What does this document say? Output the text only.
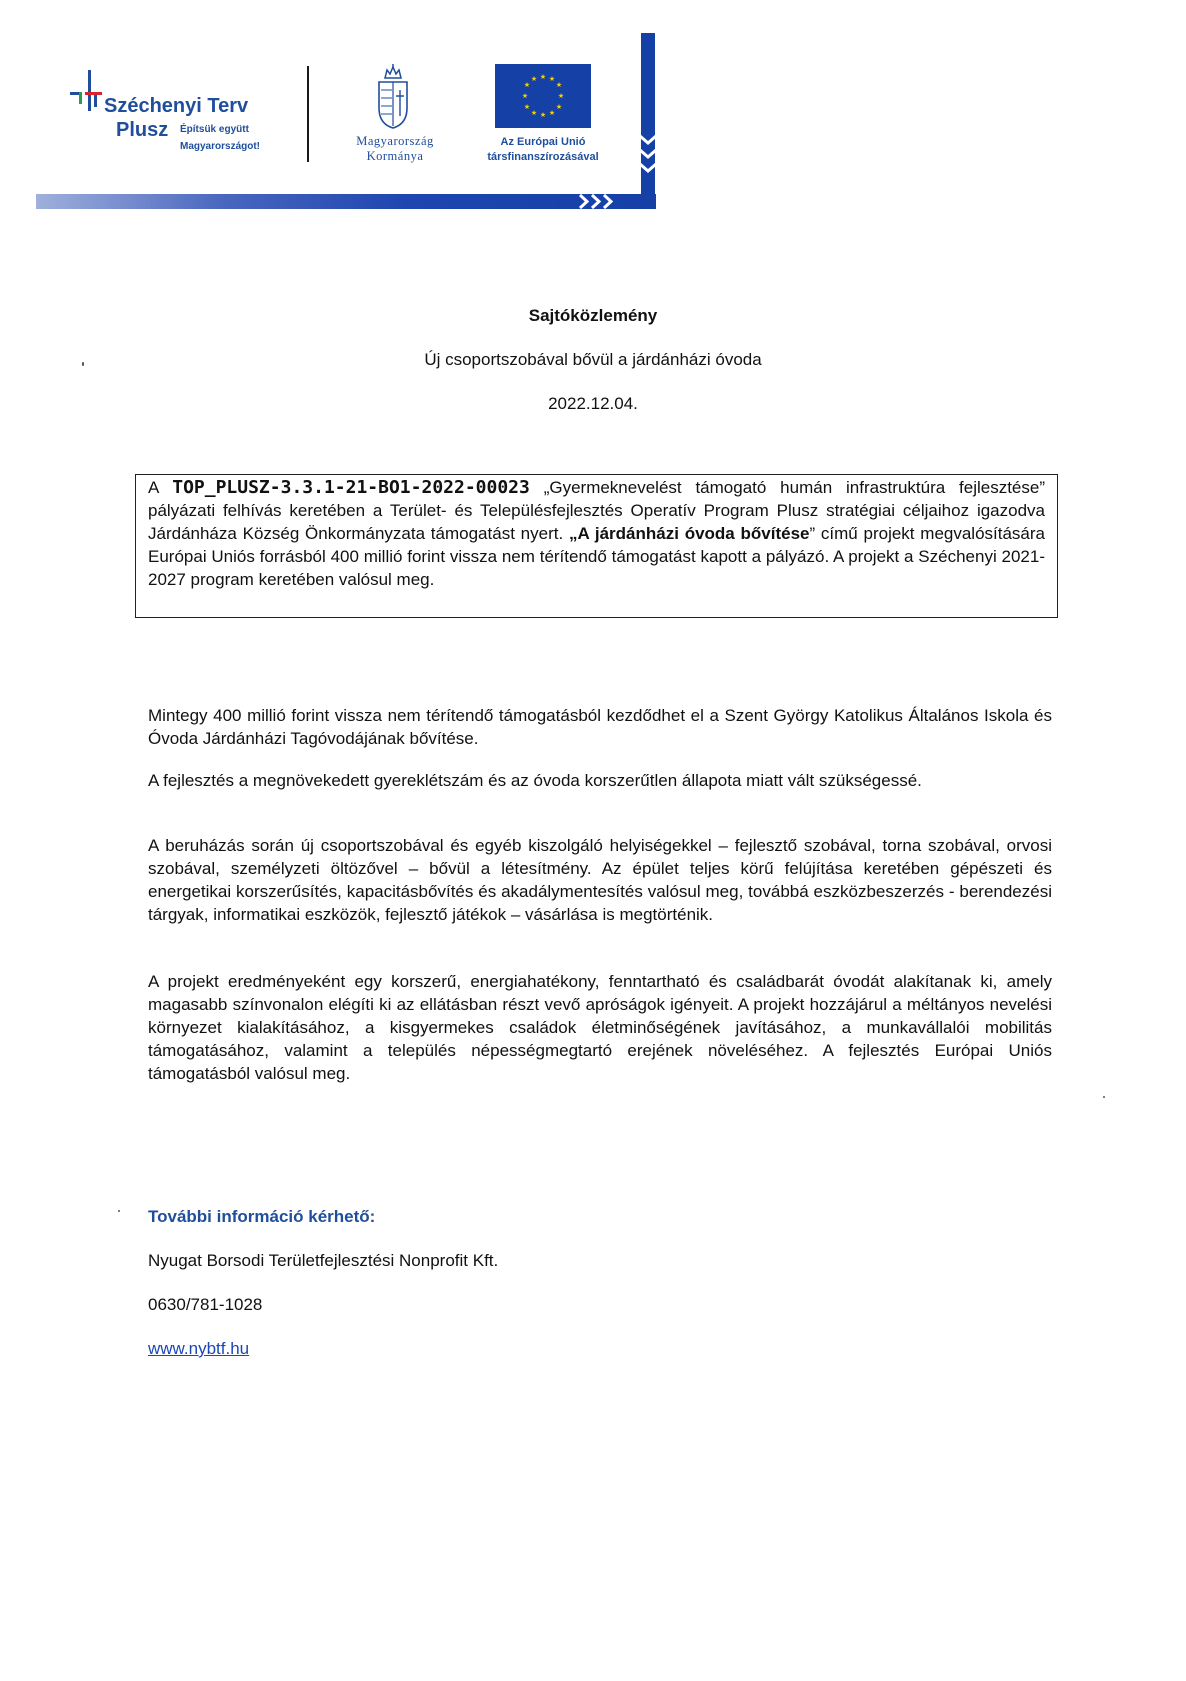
Széchenyi Terv
Plusz Építsük együtt
Magyarországot!	Magyarország
Kormánya
★ ★
★
★
★
★
★
★
★
★
★
★
Az Európai Unió
társfinanszírozásával
Sajtóközlemény
Új csoportszobával bővül a járdánházi óvoda
2022.12.04.
A TOP_PLUSZ-3.3.1-21-BO1-2022-00023 „Gyermeknevelést támogató humán infrastruktúra fejlesztése” pályázati felhívás keretében a Terület- és Településfejlesztés Operatív Program Plusz stratégiai céljaihoz igazodva Járdánháza Község Önkormányzata támogatást nyert. „A járdánházi óvoda bővítése” című projekt megvalósítására Európai Uniós forrásból 400 millió forint vissza nem térítendő támogatást kapott a pályázó. A projekt a Széchenyi 2021-2027 program keretében valósul meg.
Mintegy 400 millió forint vissza nem térítendő támogatásból kezdődhet el a Szent György Katolikus Általános Iskola és Óvoda Járdánházi Tagóvodájának bővítése.
A fejlesztés a megnövekedett gyereklétszám és az óvoda korszerűtlen állapota miatt vált szükségessé.
A beruházás során új csoportszobával és egyéb kiszolgáló helyiségekkel – fejlesztő szobával, torna szobával, orvosi szobával, személyzeti öltözővel – bővül a létesítmény. Az épület teljes körű felújítása keretében gépészeti és energetikai korszerűsítés, kapacitásbővítés és akadálymentesítés valósul meg, továbbá eszközbeszerzés - berendezési tárgyak, informatikai eszközök, fejlesztő játékok – vásárlása is megtörténik.
A projekt eredményeként egy korszerű, energiahatékony, fenntartható és családbarát óvodát alakítanak ki, amely magasabb színvonalon elégíti ki az ellátásban részt vevő apróságok igényeit. A projekt hozzájárul a méltányos nevelési környezet kialakításához, a kisgyermekes családok életminőségének javításához, a munkavállalói mobilitás támogatásához, valamint a település népességmegtartó erejének növeléséhez. A fejlesztés Európai Uniós támogatásból valósul meg.
További információ kérhető:
Nyugat Borsodi Területfejlesztési Nonprofit Kft.
0630/781-1028
www.nybtf.hu
